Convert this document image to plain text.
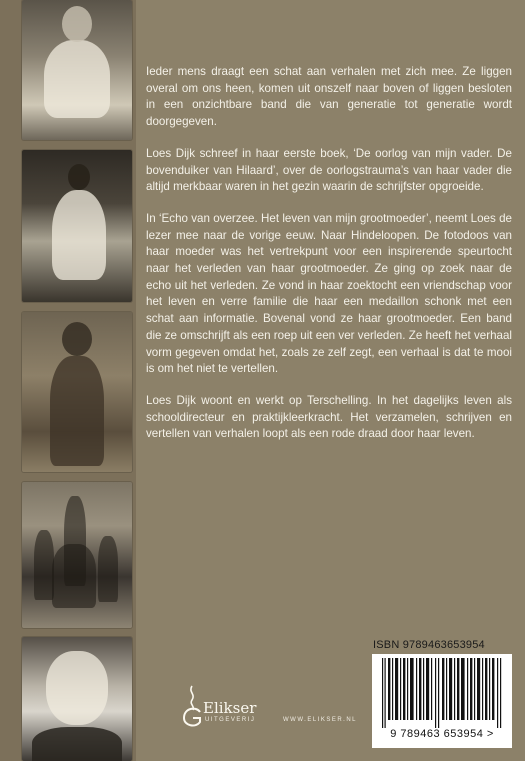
Ieder mens draagt een schat aan verhalen met zich mee. Ze liggen overal om ons heen, komen uit onszelf naar boven of liggen besloten in een onzichtbare band die van generatie tot generatie wordt doorgegeven.

Loes Dijk schreef in haar eerste boek, ‘De oorlog van mijn vader. De bovenduiker van Hilaard’, over de oorlogstrauma’s van haar vader die altijd merkbaar waren in het gezin waarin de schrijfster opgroeide.

In ‘Echo van overzee. Het leven van mijn grootmoeder’, neemt Loes de lezer mee naar de vorige eeuw. Naar Hindeloopen. De fotodoos van haar moeder was het vertrekpunt voor een inspirerende speurtocht naar het verleden van haar grootmoeder. Ze ging op zoek naar de echo uit het verleden. Ze vond in haar zoektocht een vriendschap voor het leven en verre familie die haar een medaillon schonk met een schat aan informatie. Bovenal vond ze haar grootmoeder. Een band die ze omschrijft als een roep uit een ver verleden. Ze heeft het verhaal vorm gegeven omdat het, zoals ze zelf zegt, een verhaal is dat te mooi is om het niet te vertellen.

Loes Dijk woont en werkt op Terschelling. In het dagelijks leven als schooldirecteur en praktijkleerkracht. Het verzamelen, schrijven en vertellen van verhalen loopt als een rode draad door haar leven.

ISBN 9789463653954
9 789463 653954 >
Elikser
UITGEVERIJ	WWW.ELIKSER.NL
